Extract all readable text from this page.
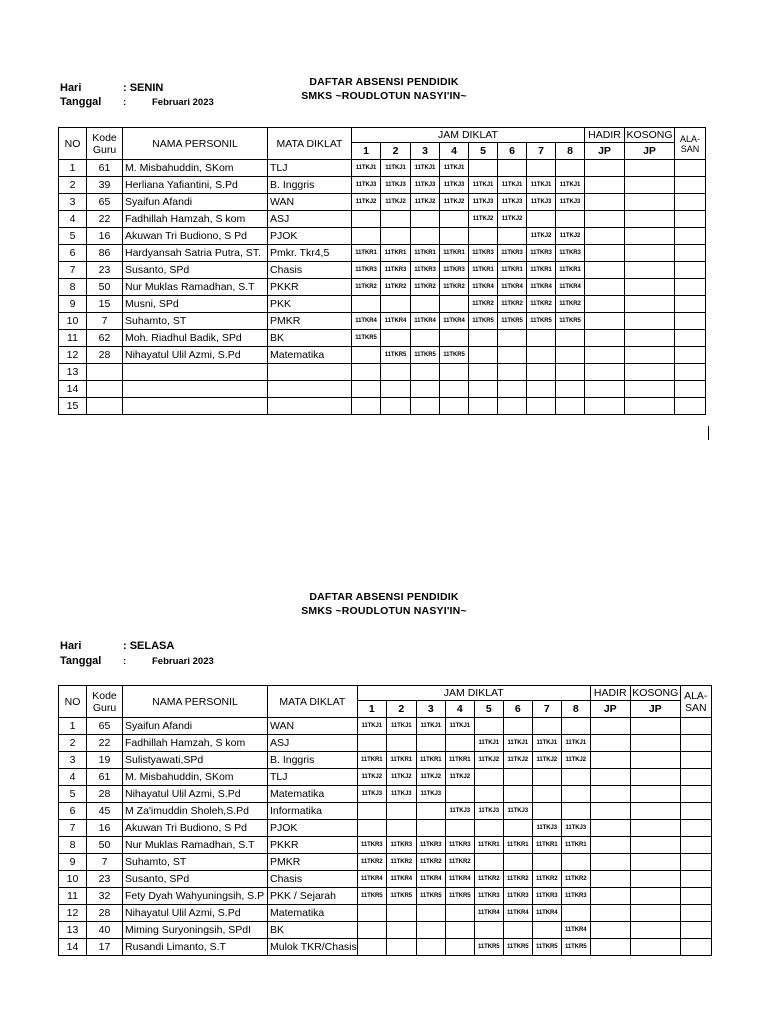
DAFTAR ABSENSI PENDIDIK
SMKS ~ROUDLOTUN NASYI'IN~
Hari	: SENIN
Tanggal :	Februari 2023
NO	Kode Guru	NAMA PERSONIL	MATA DIKLAT	JAM DIKLAT								HADIR	KOSONG	ALA-SAN
				1	2	3	4	5	6	7	8	JP	JP	
1	61	M. Misbahuddin, SKom	TLJ	11TKJ1	11TKJ1	11TKJ1	11TKJ1							
2	39	Herliana Yafiantini, S.Pd	B. Inggris	11TKJ3	11TKJ3	11TKJ3	11TKJ3	11TKJ1	11TKJ1	11TKJ1	11TKJ1			
3	65	Syaifun Afandi	WAN	11TKJ2	11TKJ2	11TKJ2	11TKJ2	11TKJ3	11TKJ3	11TKJ3	11TKJ3			
4	22	Fadhillah Hamzah, S kom	ASJ					11TKJ2	11TKJ2					
5	16	Akuwan Tri Budiono, S Pd	PJOK							11TKJ2	11TKJ2			
6	86	Hardyansah Satria Putra, ST.	Pmkr. Tkr4,5	11TKR1	11TKR1	11TKR1	11TKR1	11TKR3	11TKR3	11TKR3	11TKR3			
7	23	Susanto, SPd	Chasis	11TKR3	11TKR3	11TKR3	11TKR3	11TKR1	11TKR1	11TKR1	11TKR1			
8	50	Nur Muklas Ramadhan, S.T	PKKR	11TKR2	11TKR2	11TKR2	11TKR2	11TKR4	11TKR4	11TKR4	11TKR4			
9	15	Musni, SPd	PKK					11TKR2	11TKR2	11TKR2	11TKR2			
10	7	Suhamto, ST	PMKR	11TKR4	11TKR4	11TKR4	11TKR4	11TKR5	11TKR5	11TKR5	11TKR5			
11	62	Moh. Riadhul Badik, SPd	BK	11TKR5										
12	28	Nihayatul Ulil Azmi, S.Pd	Matematika		11TKR5	11TKR5	11TKR5							
13														
14														
15														
DAFTAR ABSENSI PENDIDIK
SMKS ~ROUDLOTUN NASYI'IN~
Hari	: SELASA
Tanggal :	Februari 2023
NO	Kode Guru	NAMA PERSONIL	MATA DIKLAT	JAM DIKLAT								HADIR	KOSONG	ALA-SAN
				1	2	3	4	5	6	7	8	JP	JP	
1	65	Syaifun Afandi	WAN	11TKJ1	11TKJ1	11TKJ1	11TKJ1							
2	22	Fadhillah Hamzah, S kom	ASJ					11TKJ1	11TKJ1	11TKJ1	11TKJ1			
3	19	Sulistyawati,SPd	B. Inggris	11TKR1	11TKR1	11TKR1	11TKR1	11TKJ2	11TKJ2	11TKJ2	11TKJ2			
4	61	M. Misbahuddin, SKom	TLJ	11TKJ2	11TKJ2	11TKJ2	11TKJ2							
5	28	Nihayatul Ulil Azmi, S.Pd	Matematika	11TKJ3	11TKJ3	11TKJ3								
6	45	M Za'imuddin Sholeh,S.Pd	Informatika				11TKJ3	11TKJ3	11TKJ3					
7	16	Akuwan Tri Budiono, S Pd	PJOK							11TKJ3	11TKJ3			
8	50	Nur Muklas Ramadhan, S.T	PKKR	11TKR3	11TKR3	11TKR3	11TKR3	11TKR1	11TKR1	11TKR1	11TKR1			
9	7	Suhamto, ST	PMKR	11TKR2	11TKR2	11TKR2	11TKR2							
10	23	Susanto, SPd	Chasis	11TKR4	11TKR4	11TKR4	11TKR4	11TKR2	11TKR2	11TKR2	11TKR2			
11	32	Fety Dyah Wahyuningsih, S.P	PKK / Sejarah	11TKR5	11TKR5	11TKR5	11TKR5	11TKR3	11TKR3	11TKR3	11TKR3			
12	28	Nihayatul Ulil Azmi, S.Pd	Matematika					11TKR4	11TKR4	11TKR4				
13	40	Miming Suryoningsih, SPdI	BK								11TKR4			
14	17	Rusandi Limanto, S.T	Mulok TKR/Chasis					11TKR5	11TKR5	11TKR5	11TKR5			
